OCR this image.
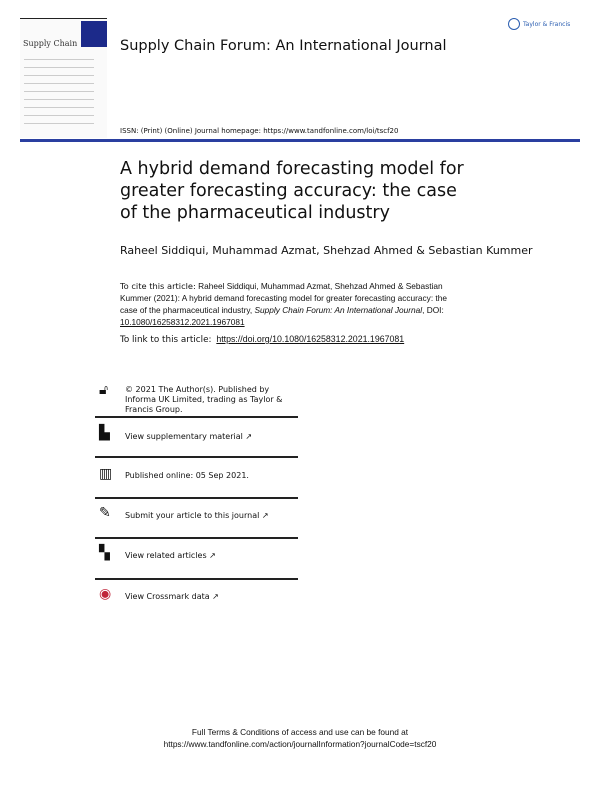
Supply Chain	Supply Chain Forum: An International Journal
Taylor & Francis
ISSN: (Print) (Online) Journal homepage: https://www.tandfonline.com/loi/tscf20
A hybrid demand forecasting model for greater forecasting accuracy: the case of the pharmaceutical industry
Raheel Siddiqui, Muhammad Azmat, Shehzad Ahmed & Sebastian Kummer
To cite this article: Raheel Siddiqui, Muhammad Azmat, Shehzad Ahmed & Sebastian Kummer (2021): A hybrid demand forecasting model for greater forecasting accuracy: the case of the pharmaceutical industry, Supply Chain Forum: An International Journal, DOI: 10.1080/16258312.2021.1967081
To link to this article: https://doi.org/10.1080/16258312.2021.1967081
🔓︎	© 2021 The Author(s). Published by Informa UK Limited, trading as Taylor & Francis Group.
▙	View supplementary material ↗
▥ Published online: 05 Sep 2021.
✎ Submit your article to this journal ↗
▚	View related articles ↗
◉ View Crossmark data ↗
Full Terms & Conditions of access and use can be found at
https://www.tandfonline.com/action/journalInformation?journalCode=tscf20
